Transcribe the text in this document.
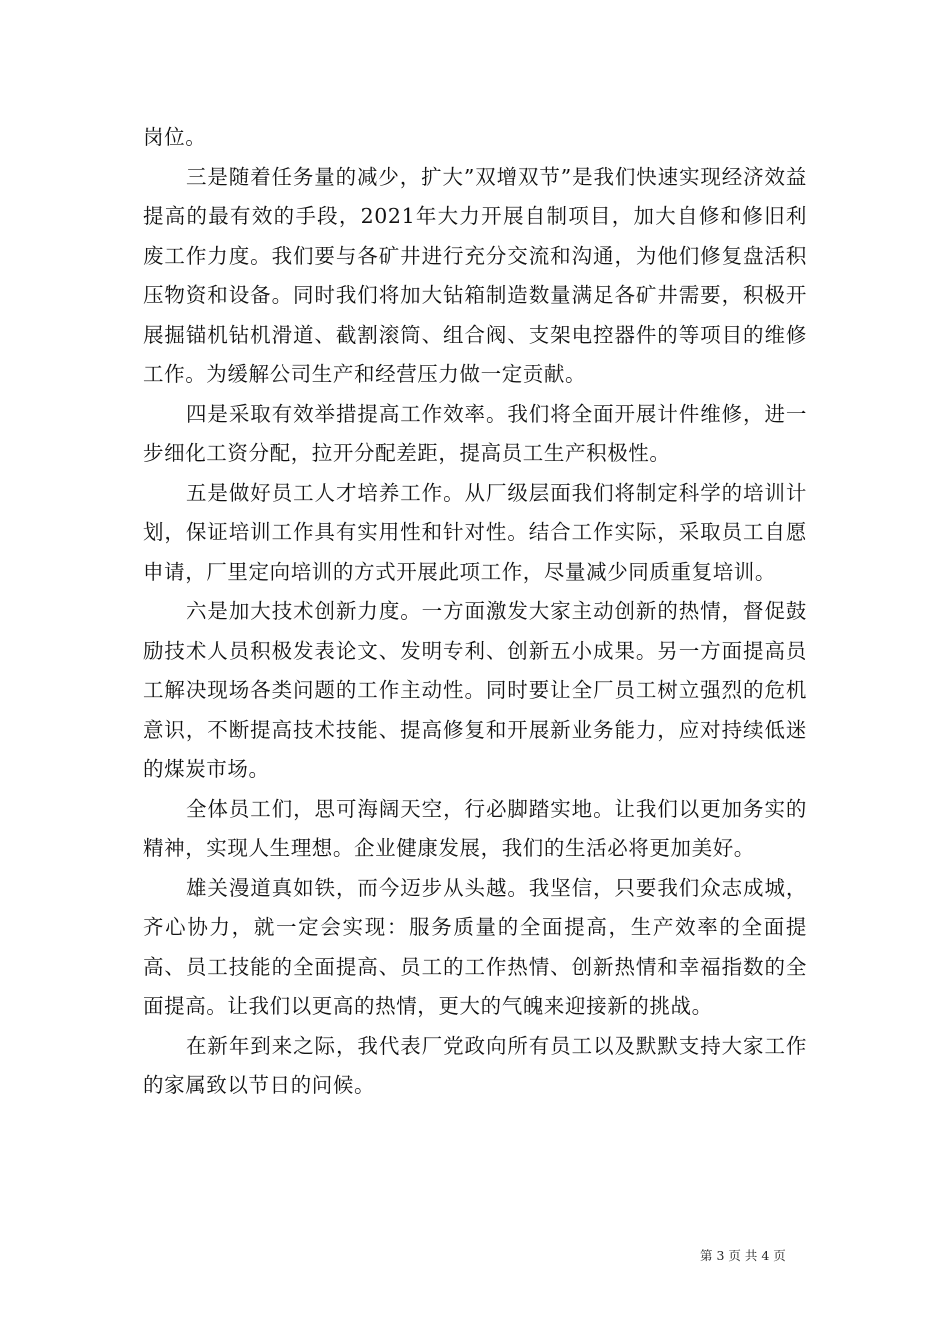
岗位。

三是随着任务量的减少，扩大”双增双节”是我们快速实现经济效益提高的最有效的手段，2021年大力开展自制项目，加大自修和修旧利废工作力度。我们要与各矿井进行充分交流和沟通，为他们修复盘活积压物资和设备。同时我们将加大钻箱制造数量满足各矿井需要，积极开展掘锚机钻机滑道、截割滚筒、组合阀、支架电控器件的等项目的维修工作。为缓解公司生产和经营压力做一定贡献。

四是采取有效举措提高工作效率。我们将全面开展计件维修，进一步细化工资分配，拉开分配差距，提高员工生产积极性。

五是做好员工人才培养工作。从厂级层面我们将制定科学的培训计划，保证培训工作具有实用性和针对性。结合工作实际，采取员工自愿申请，厂里定向培训的方式开展此项工作，尽量减少同质重复培训。

六是加大技术创新力度。一方面激发大家主动创新的热情，督促鼓励技术人员积极发表论文、发明专利、创新五小成果。另一方面提高员工解决现场各类问题的工作主动性。同时要让全厂员工树立强烈的危机意识，不断提高技术技能、提高修复和开展新业务能力，应对持续低迷的煤炭市场。

全体员工们，思可海阔天空，行必脚踏实地。让我们以更加务实的精神，实现人生理想。企业健康发展，我们的生活必将更加美好。

雄关漫道真如铁，而今迈步从头越。我坚信，只要我们众志成城，齐心协力，就一定会实现：服务质量的全面提高，生产效率的全面提高、员工技能的全面提高、员工的工作热情、创新热情和幸福指数的全面提高。让我们以更高的热情，更大的气魄来迎接新的挑战。

在新年到来之际，我代表厂党政向所有员工以及默默支持大家工作的家属致以节日的问候。

第 3 页 共 4 页
